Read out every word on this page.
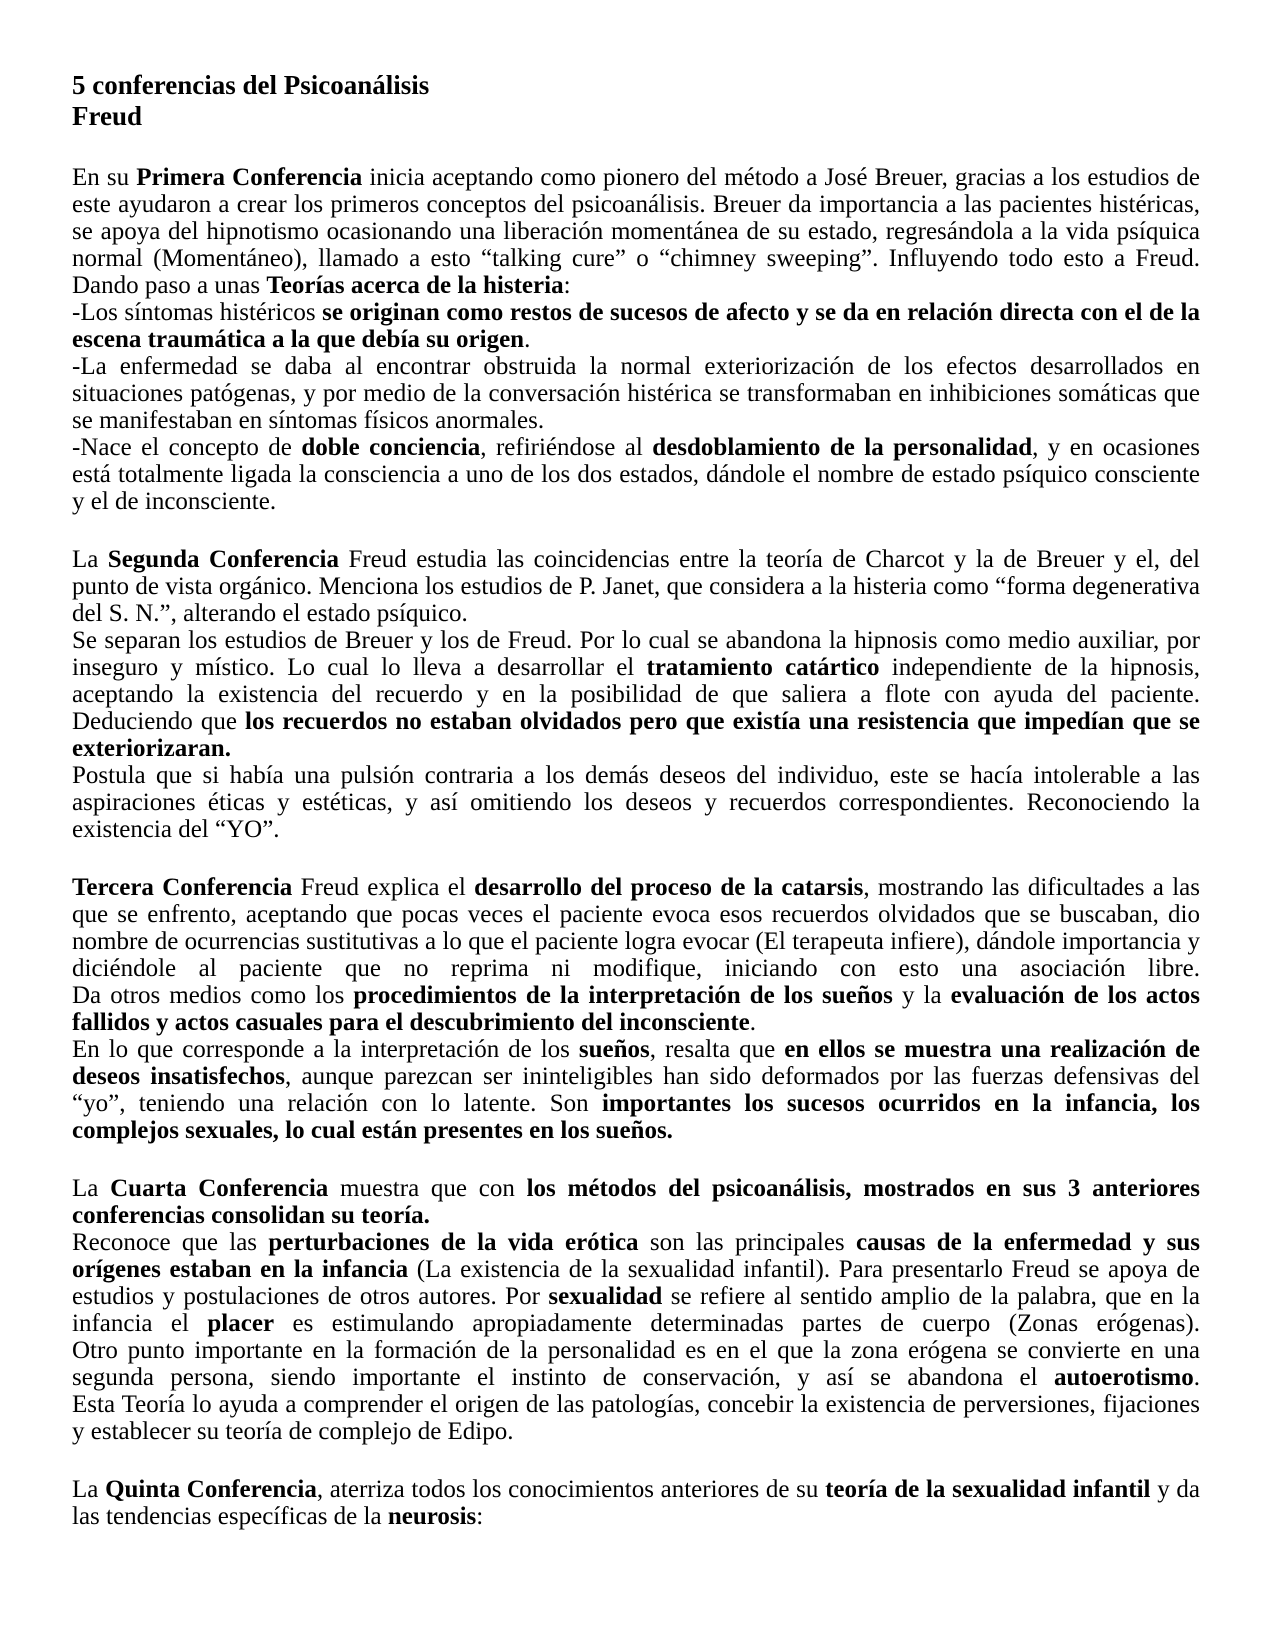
5 conferencias del Psicoanálisis

Freud

En su Primera Conferencia inicia aceptando como pionero del método a José Breuer, gracias a los estudios de este ayudaron a crear los primeros conceptos del psicoanálisis. Breuer da importancia a las pacientes histéricas, se apoya del hipnotismo ocasionando una liberación momentánea de su estado, regresándola a la vida psíquica normal (Momentáneo), llamado a esto “talking cure” o “chimney sweeping”. Influyendo todo esto a Freud.

Dando paso a unas Teorías acerca de la histeria:

-Los síntomas histéricos se originan como restos de sucesos de afecto y se da en relación directa con el de la escena traumática a la que debía su origen.

-La enfermedad se daba al encontrar obstruida la normal exteriorización de los efectos desarrollados en situaciones patógenas, y por medio de la conversación histérica se transformaban en inhibiciones somáticas que se manifestaban en síntomas físicos anormales.

-Nace el concepto de doble conciencia, refiriéndose al desdoblamiento de la personalidad, y en ocasiones está totalmente ligada la consciencia a uno de los dos estados, dándole el nombre de estado psíquico consciente y el de inconsciente.

La Segunda Conferencia Freud estudia las coincidencias entre la teoría de Charcot y la de Breuer y el, del punto de vista orgánico. Menciona los estudios de P. Janet, que considera a la histeria como “forma degenerativa del S. N.”, alterando el estado psíquico.

Se separan los estudios de Breuer y los de Freud. Por lo cual se abandona la hipnosis como medio auxiliar, por inseguro y místico. Lo cual lo lleva a desarrollar el tratamiento catártico independiente de la hipnosis, aceptando la existencia del recuerdo y en la posibilidad de que saliera a flote con ayuda del paciente. Deduciendo que los recuerdos no estaban olvidados pero que existía una resistencia que impedían que se exteriorizaran.

Postula que si había una pulsión contraria a los demás deseos del individuo, este se hacía intolerable a las aspiraciones éticas y estéticas, y así omitiendo los deseos y recuerdos correspondientes. Reconociendo la existencia del “YO”.

Tercera Conferencia Freud explica el desarrollo del proceso de la catarsis, mostrando las dificultades a las que se enfrento, aceptando que pocas veces el paciente evoca esos recuerdos olvidados que se buscaban, dio nombre de ocurrencias sustitutivas a lo que el paciente logra evocar (El terapeuta infiere), dándole importancia y diciéndole al paciente que no reprima ni modifique, iniciando con esto una asociación libre.

Da otros medios como los procedimientos de la interpretación de los sueños y la evaluación de los actos fallidos y actos casuales para el descubrimiento del inconsciente.

En lo que corresponde a la interpretación de los sueños, resalta que en ellos se muestra una realización de deseos insatisfechos, aunque parezcan ser ininteligibles han sido deformados por las fuerzas defensivas del “yo”, teniendo una relación con lo latente. Son importantes los sucesos ocurridos en la infancia, los complejos sexuales, lo cual están presentes en los sueños.

La Cuarta Conferencia muestra que con los métodos del psicoanálisis, mostrados en sus 3 anteriores conferencias consolidan su teoría.

Reconoce que las perturbaciones de la vida erótica son las principales causas de la enfermedad y sus orígenes estaban en la infancia (La existencia de la sexualidad infantil). Para presentarlo Freud se apoya de estudios y postulaciones de otros autores. Por sexualidad se refiere al sentido amplio de la palabra, que en la infancia el placer es estimulando apropiadamente determinadas partes de cuerpo (Zonas erógenas).

Otro punto importante en la formación de la personalidad es en el que la zona erógena se convierte en una segunda persona, siendo importante el instinto de conservación, y así se abandona el autoerotismo.

Esta Teoría lo ayuda a comprender el origen de las patologías, concebir la existencia de perversiones, fijaciones y establecer su teoría de complejo de Edipo.

La Quinta Conferencia, aterriza todos los conocimientos anteriores de su teoría de la sexualidad infantil y da las tendencias específicas de la neurosis:
